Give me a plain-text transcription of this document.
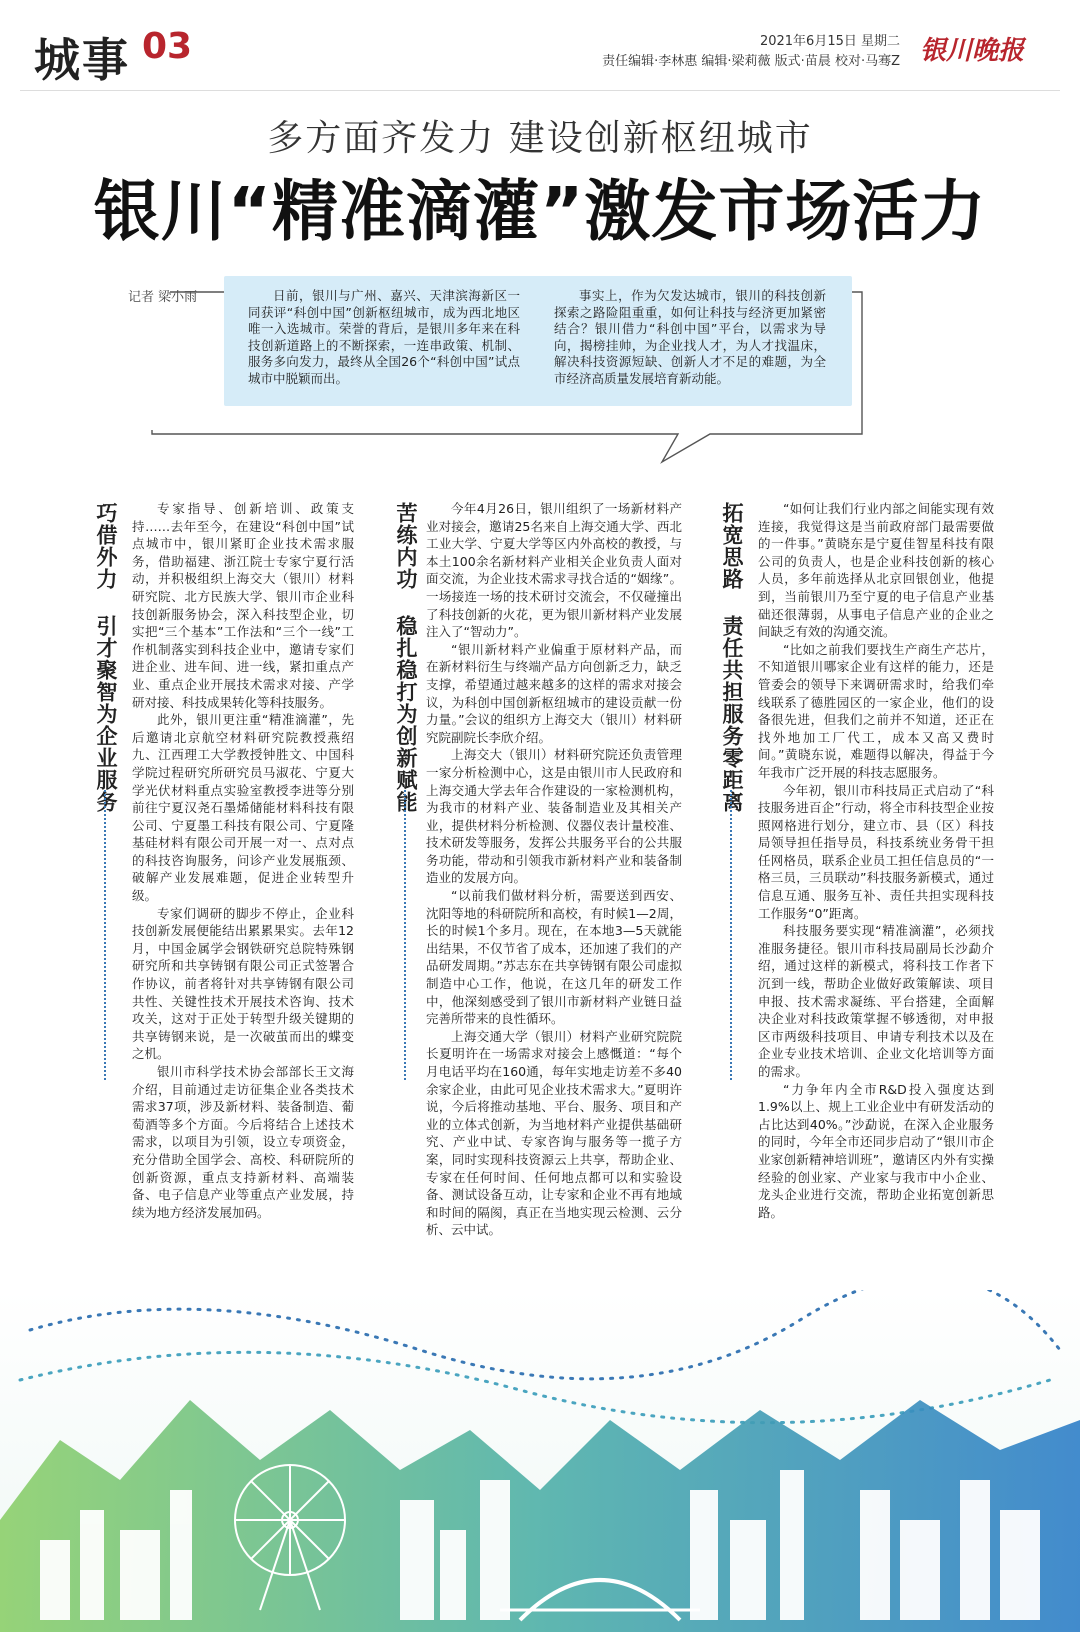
城事 03	2021年6月15日 星期二
责任编辑·李林惠 编辑·梁莉薇 版式·苗晨 校对·马骞Z 银川晚报
多方面齐发力 建设创新枢纽城市
银川“精准滴灌”激发市场活力
记者 梁小雨	日前，银川与广州、嘉兴、天津滨海新区一同获评“科创中国”创新枢纽城市，成为西北地区唯一入选城市。荣誉的背后，是银川多年来在科技创新道路上的不断探索，一连串政策、机制、服务多向发力，最终从全国26个“科创中国”试点城市中脱颖而出。
事实上，作为欠发达城市，银川的科技创新探索之路险阻重重，如何让科技与经济更加紧密结合？银川借力“科创中国”平台，以需求为导向，揭榜挂帅，为企业找人才，为人才找温床，解决科技资源短缺、创新人才不足的难题，为全市经济高质量发展培育新动能。
巧借外力 引才聚智为企业服务	苦练内功 稳扎稳打为创新赋能	拓宽思路 责任共担服务零距离

专家指导、创新培训、政策支持……去年至今，在建设“科创中国”试点城市中，银川紧盯企业技术需求服务，借助福建、浙江院士专家宁夏行活动，并积极组织上海交大（银川）材料研究院、北方民族大学、银川市企业科技创新服务协会，深入科技型企业，切实把“三个基本”工作法和“三个一线”工作机制落实到科技企业中，邀请专家们进企业、进车间、进一线，紧扣重点产业、重点企业开展技术需求对接、产学研对接、科技成果转化等科技服务。

此外，银川更注重“精准滴灌”，先后邀请北京航空材料研究院教授燕绍九、江西理工大学教授钟胜文、中国科学院过程研究所研究员马淑花、宁夏大学光伏材料重点实验室教授李进等分别前往宁夏汉尧石墨烯储能材料科技有限公司、宁夏墨工科技有限公司、宁夏隆基硅材料有限公司开展一对一、点对点的科技咨询服务，问诊产业发展瓶颈、破解产业发展难题，促进企业转型升级。

专家们调研的脚步不停止，企业科技创新发展便能结出累累果实。去年12月，中国金属学会钢铁研究总院特殊钢研究所和共享铸钢有限公司正式签署合作协议，前者将针对共享铸钢有限公司共性、关键性技术开展技术咨询、技术攻关，这对于正处于转型升级关键期的共享铸钢来说，是一次破茧而出的蝶变之机。

银川市科学技术协会部部长王文海介绍，目前通过走访征集企业各类技术需求37项，涉及新材料、装备制造、葡萄酒等多个方面。今后将结合上述技术需求，以项目为引领，设立专项资金，充分借助全国学会、高校、科研院所的创新资源，重点支持新材料、高端装备、电子信息产业等重点产业发展，持续为地方经济发展加码。

今年4月26日，银川组织了一场新材料产业对接会，邀请25名来自上海交通大学、西北工业大学、宁夏大学等区内外高校的教授，与本土100余名新材料产业相关企业负责人面对面交流，为企业技术需求寻找合适的“姻缘”。一场接连一场的技术研讨交流会，不仅碰撞出了科技创新的火花，更为银川新材料产业发展注入了“智动力”。

“银川新材料产业偏重于原材料产品，而在新材料衍生与终端产品方向创新乏力，缺乏支撑，希望通过越来越多的这样的需求对接会议，为科创中国创新枢纽城市的建设贡献一份力量。”会议的组织方上海交大（银川）材料研究院副院长李欣介绍。

上海交大（银川）材料研究院还负责管理一家分析检测中心，这是由银川市人民政府和上海交通大学去年合作建设的一家检测机构，为我市的材料产业、装备制造业及其相关产业，提供材料分析检测、仪器仪表计量校准、技术研发等服务，发挥公共服务平台的公共服务功能，带动和引领我市新材料产业和装备制造业的发展方向。

“以前我们做材料分析，需要送到西安、沈阳等地的科研院所和高校，有时候1—2周，长的时候1个多月。现在，在本地3—5天就能出结果，不仅节省了成本，还加速了我们的产品研发周期。”苏志东在共享铸钢有限公司虚拟制造中心工作，他说，在这几年的研发工作中，他深刻感受到了银川市新材料产业链日益完善所带来的良性循环。

上海交通大学（银川）材料产业研究院院长夏明许在一场需求对接会上感慨道：“每个月电话平均在160通，每年实地走访差不多40余家企业，由此可见企业技术需求大。”夏明许说，今后将推动基地、平台、服务、项目和产业的立体式创新，为当地材料产业提供基础研究、产业中试、专家咨询与服务等一揽子方案，同时实现科技资源云上共享，帮助企业、专家在任何时间、任何地点都可以和实验设备、测试设备互动，让专家和企业不再有地域和时间的隔阂，真正在当地实现云检测、云分析、云中试。

“如何让我们行业内部之间能实现有效连接，我觉得这是当前政府部门最需要做的一件事。”黄晓东是宁夏佳智星科技有限公司的负责人，也是企业科技创新的核心人员，多年前选择从北京回银创业，他提到，当前银川乃至宁夏的电子信息产业基础还很薄弱，从事电子信息产业的企业之间缺乏有效的沟通交流。

“比如之前我们要找生产商生产芯片，不知道银川哪家企业有这样的能力，还是管委会的领导下来调研需求时，给我们牵线联系了德胜园区的一家企业，他们的设备很先进，但我们之前并不知道，还正在找外地加工厂代工，成本又高又费时间。”黄晓东说，难题得以解决，得益于今年我市广泛开展的科技志愿服务。

今年初，银川市科技局正式启动了“科技服务进百企”行动，将全市科技型企业按照网格进行划分，建立市、县（区）科技局领导担任指导员，科技系统业务骨干担任网格员，联系企业员工担任信息员的“一格三员，三员联动”科技服务新模式，通过信息互通、服务互补、责任共担实现科技工作服务“0”距离。

科技服务要实现“精准滴灌”，必须找准服务捷径。银川市科技局副局长沙勐介绍，通过这样的新模式，将科技工作者下沉到一线，帮助企业做好政策解读、项目申报、技术需求凝练、平台搭建，全面解决企业对科技政策掌握不够透彻，对申报区市两级科技项目、申请专利技术以及在企业专业技术培训、企业文化培训等方面的需求。

“力争年内全市R&D投入强度达到1.9%以上、规上工业企业中有研发活动的占比达到40%。”沙勐说，在深入企业服务的同时，今年全市还同步启动了“银川市企业家创新精神培训班”，邀请区内外有实操经验的创业家、产业家与我市中小企业、龙头企业进行交流，帮助企业拓宽创新思路。
